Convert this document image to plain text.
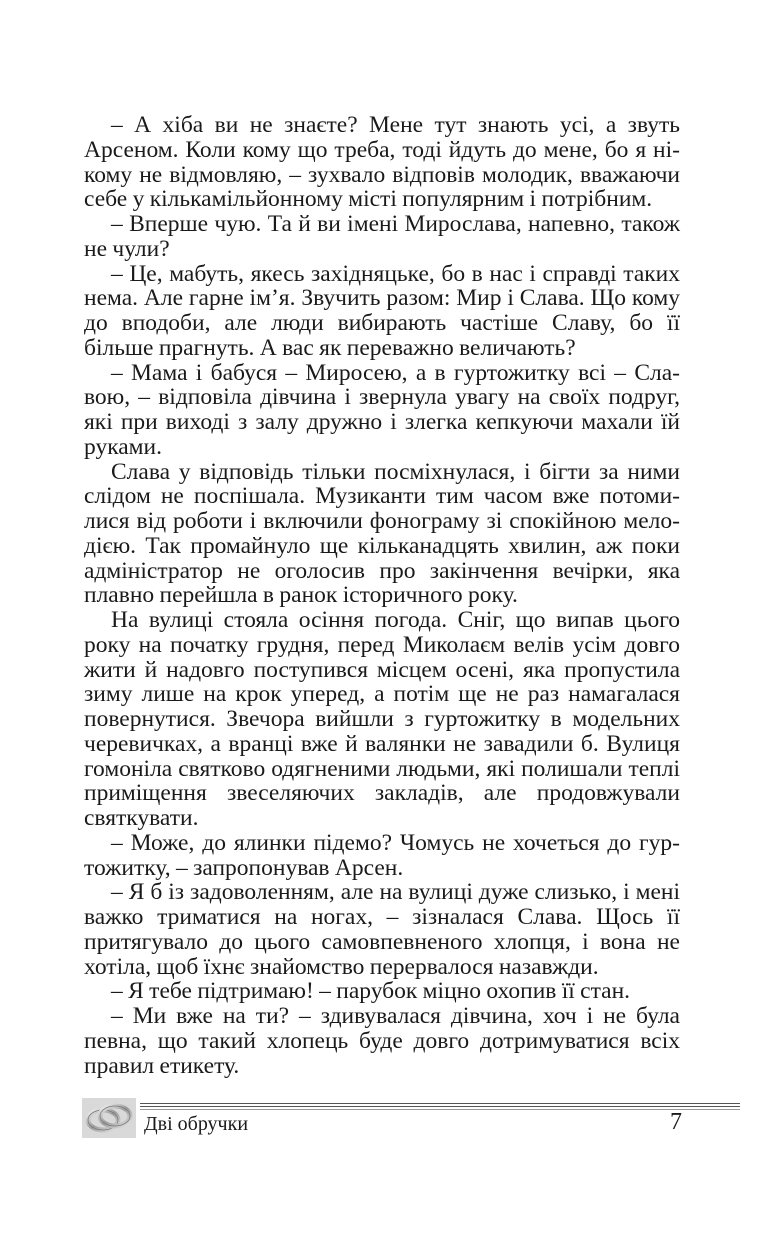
– А хіба ви не знаєте? Мене тут знають усі, а звуть Арсеном. Коли кому що треба, тоді йдуть до мене, бо я нікому не відмовляю, – зухвало відповів молодик, вважаючи себе у кількамільйонному місті популярним і потрібним.

– Вперше чую. Та й ви імені Мирослава, напевно, також не чули?

– Це, мабуть, якесь західняцьке, бо в нас і справді таких нема. Але гарне ім’я. Звучить разом: Мир і Слава. Що кому до вподоби, але люди вибирають частіше Славу, бо її більше прагнуть. А вас як переважно величають?

– Мама і бабуся – Миросею, а в гуртожитку всі – Славою, – відповіла дівчина і звернула увагу на своїх подруг, які при виході з залу дружно і злегка кепкуючи махали їй руками.

Слава у відповідь тільки посміхнулася, і бігти за ними слідом не поспішала. Музиканти тим часом вже потомилися від роботи і включили фонограму зі спокійною мелодією. Так промайнуло ще кільканадцять хвилин, аж поки адміністратор не оголосив про закінчення вечірки, яка плавно перейшла в ранок історичного року.

На вулиці стояла осіння погода. Сніг, що випав цього року на початку грудня, перед Миколаєм велів усім довго жити й надовго поступився місцем осені, яка пропустила зиму лише на крок уперед, а потім ще не раз намагалася повернутися. Звечора вийшли з гуртожитку в модельних черевичках, а вранці вже й валянки не завадили б. Вулиця гомоніла святково одягненими людьми, які полишали теплі приміщення звеселяючих закладів, але продовжували святкувати.

– Може, до ялинки підемо? Чомусь не хочеться до гуртожитку, – запропонував Арсен.

– Я б із задоволенням, але на вулиці дуже слизько, і мені важко триматися на ногах, – зізналася Слава. Щось її притягувало до цього самовпевненого хлопця, і вона не хотіла, щоб їхнє знайомство перервалося назавжди.

– Я тебе підтримаю! – парубок міцно охопив її стан.

– Ми вже на ти? – здивувалася дівчина, хоч і не була певна, що такий хлопець буде довго дотримуватися всіх правил етикету.

Дві обручки	7
